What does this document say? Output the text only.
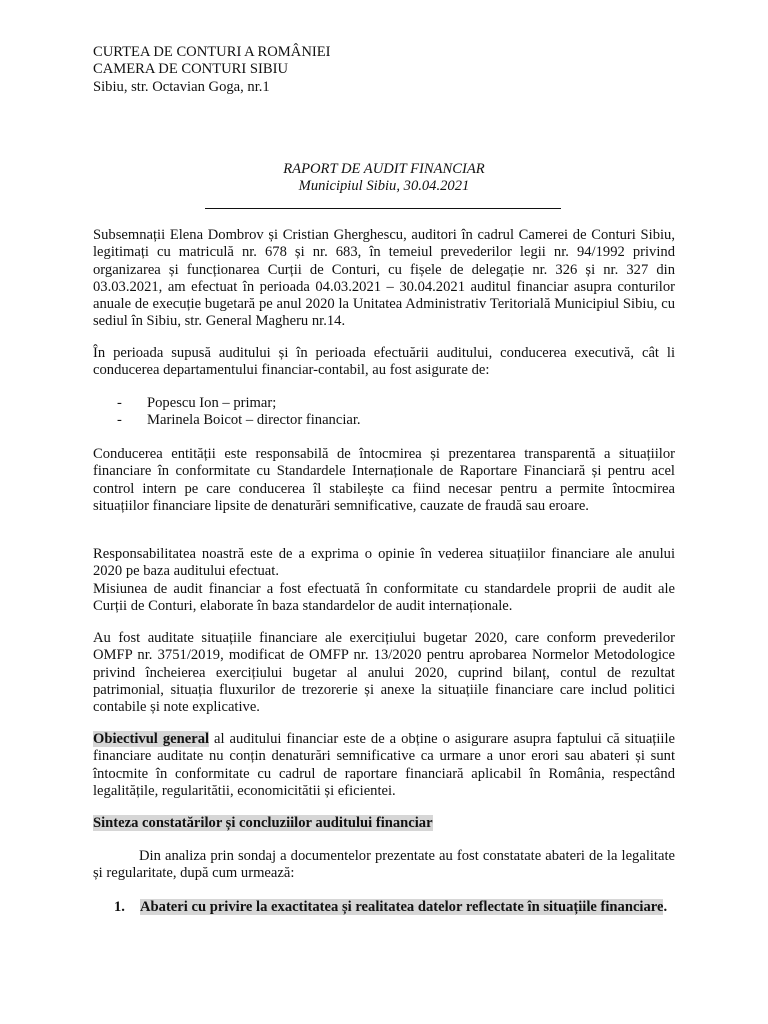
CURTEA DE CONTURI A ROMÂNIEI
CAMERA DE CONTURI SIBIU
Sibiu, str. Octavian Goga, nr.1
RAPORT DE AUDIT FINANCIAR
Municipiul Sibiu, 30.04.2021
Subsemnații Elena Dombrov și Cristian Gherghescu, auditori în cadrul Camerei de Conturi Sibiu, legitimați cu matriculă nr. 678 și nr. 683, în temeiul prevederilor legii nr. 94/1992 privind organizarea și funcționarea Curții de Conturi, cu fișele de delegație nr. 326 și nr. 327 din 03.03.2021, am efectuat în perioada 04.03.2021 – 30.04.2021 auditul financiar asupra conturilor anuale de execuție bugetară pe anul 2020 la Unitatea Administrativ Teritorială Municipiul Sibiu, cu sediul în Sibiu, str. General Magheru nr.14.
În perioada supusă auditului și în perioada efectuării auditului, conducerea executivă, cât li conducerea departamentului financiar-contabil, au fost asigurate de:
-	Popescu Ion – primar;
-	Marinela Boicot – director financiar.
Conducerea entității este responsabilă de întocmirea și prezentarea transparentă a situațiilor financiare în conformitate cu Standardele Internaționale de Raportare Financiară și pentru acel control intern pe care conducerea îl stabilește ca fiind necesar pentru a permite întocmirea situațiilor financiare lipsite de denaturări semnificative, cauzate de fraudă sau eroare.
Responsabilitatea noastră este de a exprima o opinie în vederea situațiilor financiare ale anului 2020 pe baza auditului efectuat.
Misiunea de audit financiar a fost efectuată în conformitate cu standardele proprii de audit ale Curții de Conturi, elaborate în baza standardelor de audit internaționale.
Au fost auditate situațiile financiare ale exercițiului bugetar 2020, care conform prevederilor OMFP nr. 3751/2019, modificat de OMFP nr. 13/2020 pentru aprobarea Normelor Metodologice privind încheierea exercițiului bugetar al anului 2020, cuprind bilanț, contul de rezultat patrimonial, situația fluxurilor de trezorerie și anexe la situațiile financiare care includ politici contabile și note explicative.
Obiectivul general al auditului financiar este de a obține o asigurare asupra faptului că situațiile financiare auditate nu conțin denaturări semnificative ca urmare a unor erori sau abateri și sunt întocmite în conformitate cu cadrul de raportare financiară aplicabil în România, respectând legalitățile, regularitătii, economicitătii și eficientei.
Sinteza constatărilor și concluziilor auditului financiar
Din analiza prin sondaj a documentelor prezentate au fost constatate abateri de la legalitate și regularitate, după cum urmează:
1.	Abateri cu privire la exactitatea și realitatea datelor reflectate în situațiile financiare.
